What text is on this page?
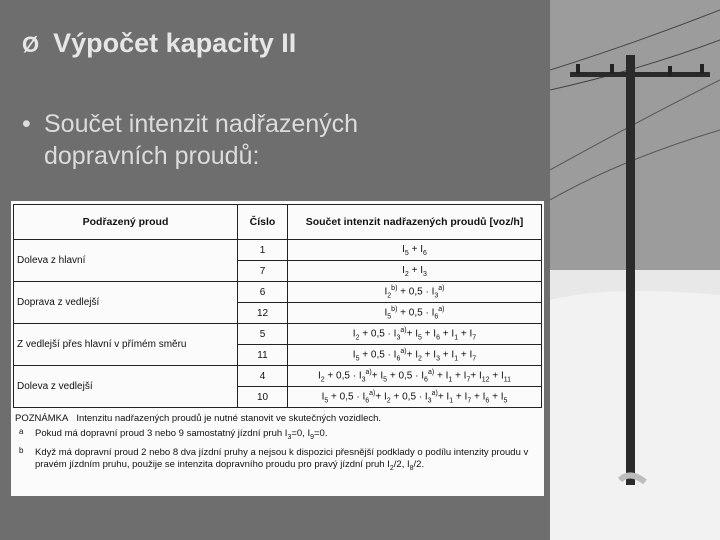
Ø Výpočet kapacity II
• Součet intenzit nadřazených dopravních proudů:
Podřazený proud	Číslo	Součet intenzit nadřazených proudů [voz/h]
Doleva z hlavní	1	$I_5 + I_6$
	7	$I_2 + I_3$
Doprava z vedlejší	6	$I_2^{b)} + 0,5 \cdot I_3^{a)}$
	12	$I_5^{b)} + 0,5 \cdot I_6^{a)}$
Z vedlejší přes hlavní v přímém směru	5	$I_2 + 0,5 \cdot I_3^{a)}+ I_5 + I_6 + I_1 + I_7$
	11	$I_5 + 0,5 \cdot I_6^{a)}+ I_2 + I_3 + I_1 + I_7$
Doleva z vedlejší	4	$I_2 + 0,5 \cdot I_3^{a)}+ I_5 + 0,5 \cdot I_6^{a)} + I_1 + I_7+ I_{12} + I_{11}$
	10	$I_5 + 0,5 \cdot I_6^{a)}+ I_2 + 0,5 \cdot I_3^{a)}+ I_1 + I_7 + I_6 + I_5$
POZNÁMKA Intenzitu nadřazených proudů je nutné stanovit ve skutečných vozidlech.
a Pokud má dopravní proud 3 nebo 9 samostatný jízdní pruh $I_3=0$, $I_9=0$.
b Když má dopravní proud 2 nebo 8 dva jízdní pruhy a nejsou k dispozici přesnější podklady o podílu intenzity proudu v pravém jízdním pruhu, použije se intenzita dopravního proudu pro pravý jízdní pruh $I_2/2$, $I_8/2$.
